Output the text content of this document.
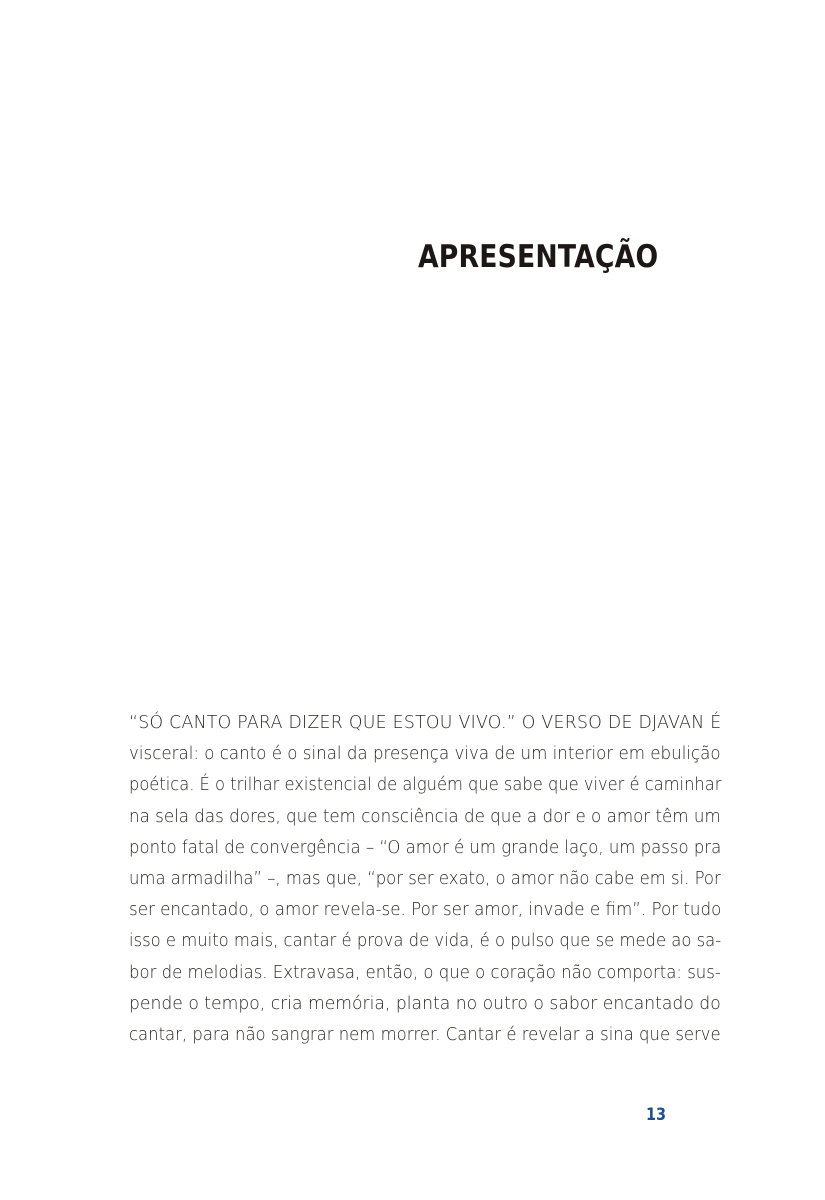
APRESENTAÇÃO
“SÓ CANTO PARA DIZER QUE ESTOU VIVO.” O VERSO DE DJAVAN É
visceral: o canto é o sinal da presença viva de um interior em ebulição
poética. É o trilhar existencial de alguém que sabe que viver é caminhar
na sela das dores, que tem consciência de que a dor e o amor têm um
ponto fatal de convergência – “O amor é um grande laço, um passo pra
uma armadilha” –, mas que, “por ser exato, o amor não cabe em si. Por
ser encantado, o amor revela-se. Por ser amor, invade e fim”. Por tudo
isso e muito mais, cantar é prova de vida, é o pulso que se mede ao sa-
bor de melodias. Extravasa, então, o que o coração não comporta: sus-
pende o tempo, cria memória, planta no outro o sabor encantado do
cantar, para não sangrar nem morrer. Cantar é revelar a sina que serve
13
